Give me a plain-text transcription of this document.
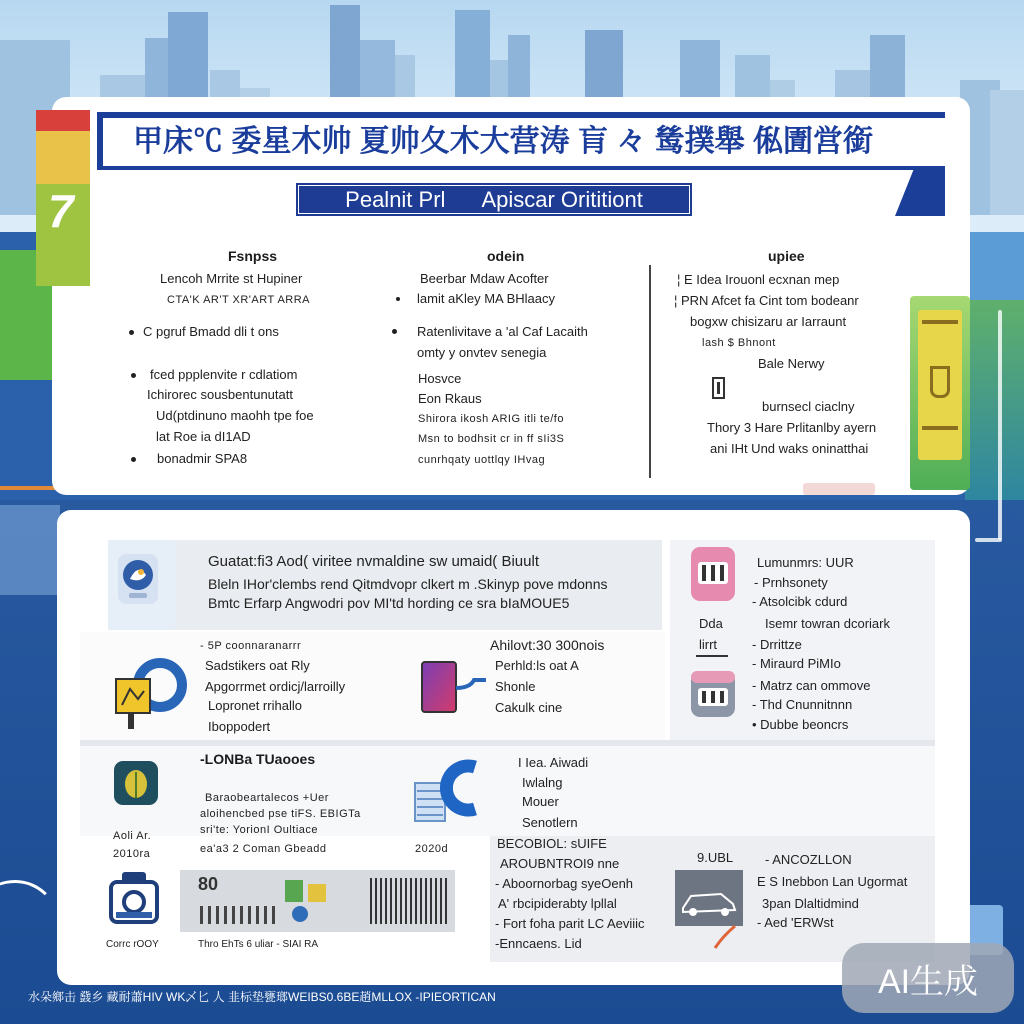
7
甲床℃ 委星木帅 夏帅夂木大营涛 肓 々 鸶撲舉 俬圊営銜
Pealnit Prl Apiscar Orititiont
Fsnpss
Lencoh Mrrite st Hupiner
CTA'K AR'T XR'ART ARRA
C pgruf Bmadd dli t ons
fced ppplenvite r cdlatiom
Ichirorec sousbentunutatt
Ud(ptdinuno maohh tpe foe
lat Roe ia dI1AD
bonadmir SPA8
odein
Beerbar Mdaw Acofter
lamit aKley MA BHlaacy
Ratenlivitave a 'al Caf Lacaith
omty y onvtev senegia
Hosvce
Eon Rkaus
Shirora ikosh ARIG itli te/fo
Msn to bodhsit cr in ff sIi3S
cunrhqaty uottlqy IHvag
upiee
¦ E Idea Irouonl ecxnan mep
¦ PRN Afcet fa Cint tom bodeanr
bogxw chisizaru ar Iarraunt
lash $ Bhnont
Bale Nerwy
burnsecl ciaclny
Thory 3 Hare Prlitanlby ayern
ani IHt Und waks oninatthai
Guatat:fi3 Aod( viritee nvmaldine sw umaid( Biuult
Bleln IHor'clembs rend Qitmdvopr clkert m .Skinyp pove mdonns
Bmtc Erfarp Angwodri pov MI'td hording ce sra bIaMOUE5
Lumunmrs: UUR
- Prnhsonety
- Atsolcibk cdurd
Dda
lirrt
Isemr towran dcoriark
- Drrittze
- Miraurd PiMIo
- Matrz can ommove
- Thd Cnunnitnnn
• Dubbe beoncrs
- 5P coonnaranarrr
Sadstikers oat Rly
Apgorrmet ordicj/larroilly
Lopronet rrihallo
Iboppodert
Ahilovt:30 300nois
Perhld:ls oat A
Shonle
Cakulk cine
Aoli Ar.
2010ra
-LONBa TUaooes
Baraobeartalecos +Uer
aloihencbed pse tiFS. EBIGTa
sri'te: YorionI Oultiace
ea'a3 2 Coman Gbeadd
I Iea. Aiwadi
Iwlalng
Mouer
Senotlern
2020d
Corrc rOOY
80
Thro EhTs 6 uliar - SIAI RA
BECOBIOL: sUIFE
AROUBNTROI9 nne
- Aboornorbag syeOenh
A' rbcipiderabty lpllal
- Fort foha parit LC Aeviiic
-Enncaens. Lid
9.UBL - ANCOZLLON
E S Inebbon Lan Ugormat
3pan Dlaltidmind
- Aed 'ERWst
水朵鄉击 鼗乡 藏耐蕭HIV WK乄匕 人 韭标垫甕瑯WEIBS0.6BE趙MLLOX -IPIEORTICAN	AI生成
